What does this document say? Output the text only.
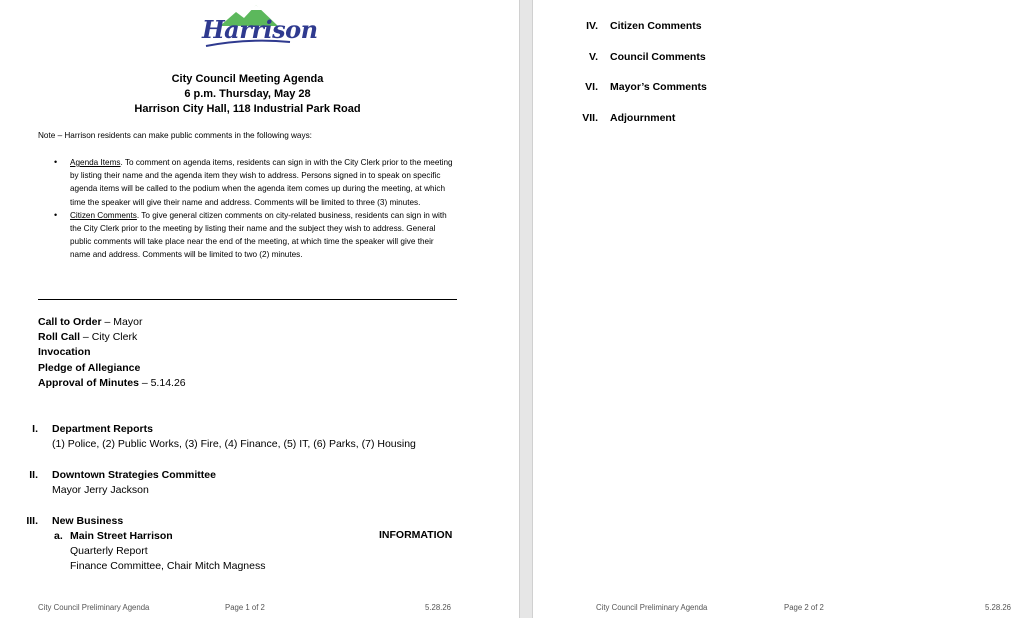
City of
Harrison
City Council Meeting Agenda
6 p.m. Thursday, May 28
Harrison City Hall, 118 Industrial Park Road
Note – Harrison residents can make public comments in the following ways:
• Agenda Items. To comment on agenda items, residents can sign in with the City Clerk prior to the meeting by listing their name and the agenda item they wish to address. Persons signed in to speak on specific agenda items will be called to the podium when the agenda item comes up during the meeting, at which time the speaker will give their name and address. Comments will be limited to three (3) minutes.
• Citizen Comments. To give general citizen comments on city-related business, residents can sign in with the City Clerk prior to the meeting by listing their name and the subject they wish to address. General public comments will take place near the end of the meeting, at which time the speaker will give their name and address. Comments will be limited to two (2) minutes.
Call to Order – Mayor
Roll Call – City Clerk
Invocation
Pledge of Allegiance
Approval of Minutes – 5.14.26
I. Department Reports
(1) Police, (2) Public Works, (3) Fire, (4) Finance, (5) IT, (6) Parks, (7) Housing
II. Downtown Strategies Committee
Mayor Jerry Jackson
III. New Business
a. Main Street Harrison	INFORMATION
Quarterly Report
Finance Committee, Chair Mitch Magness
City Council Preliminary Agenda	Page 1 of 2	5.28.26
IV. Citizen Comments
V. Council Comments
VI. Mayor’s Comments
VII. Adjournment
City Council Preliminary Agenda	Page 2 of 2	5.28.26
